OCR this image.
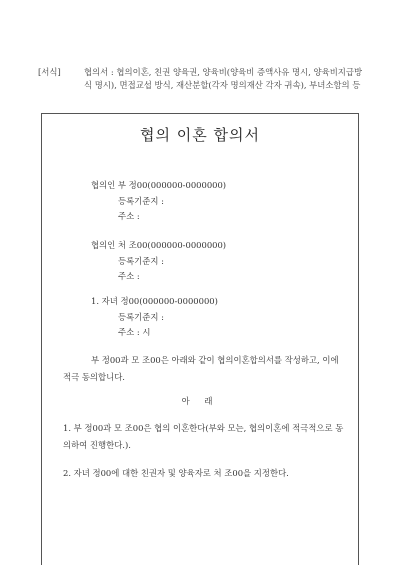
[서식]	협의서 : 협의이혼, 친권 양육권, 양육비(양육비 증액사유 명시, 양육비지급방식 명시), 면접교섭 방식, 재산분할(각자 명의재산 각자 귀속), 부녀소함의 등
협의 이혼 합의서
협의인 부 정00(000000-0000000)
등록기준지 :
주소 :
협의인 처 조00(000000-0000000)
등록기준지 :
주소 :
1. 자녀 정00(000000-0000000)
등록기준지 :
주소 : 시
부 정00과 모 조00은 아래와 같이 협의이혼합의서를 작성하고, 이에 적극 동의합니다.
아 래
1. 부 정00과 모 조00은 협의 이혼한다(부와 모는, 협의이혼에 적극적으로 동의하여 진행한다.).
2. 자녀 정00에 대한 친권자 및 양육자로 처 조00을 지정한다.
